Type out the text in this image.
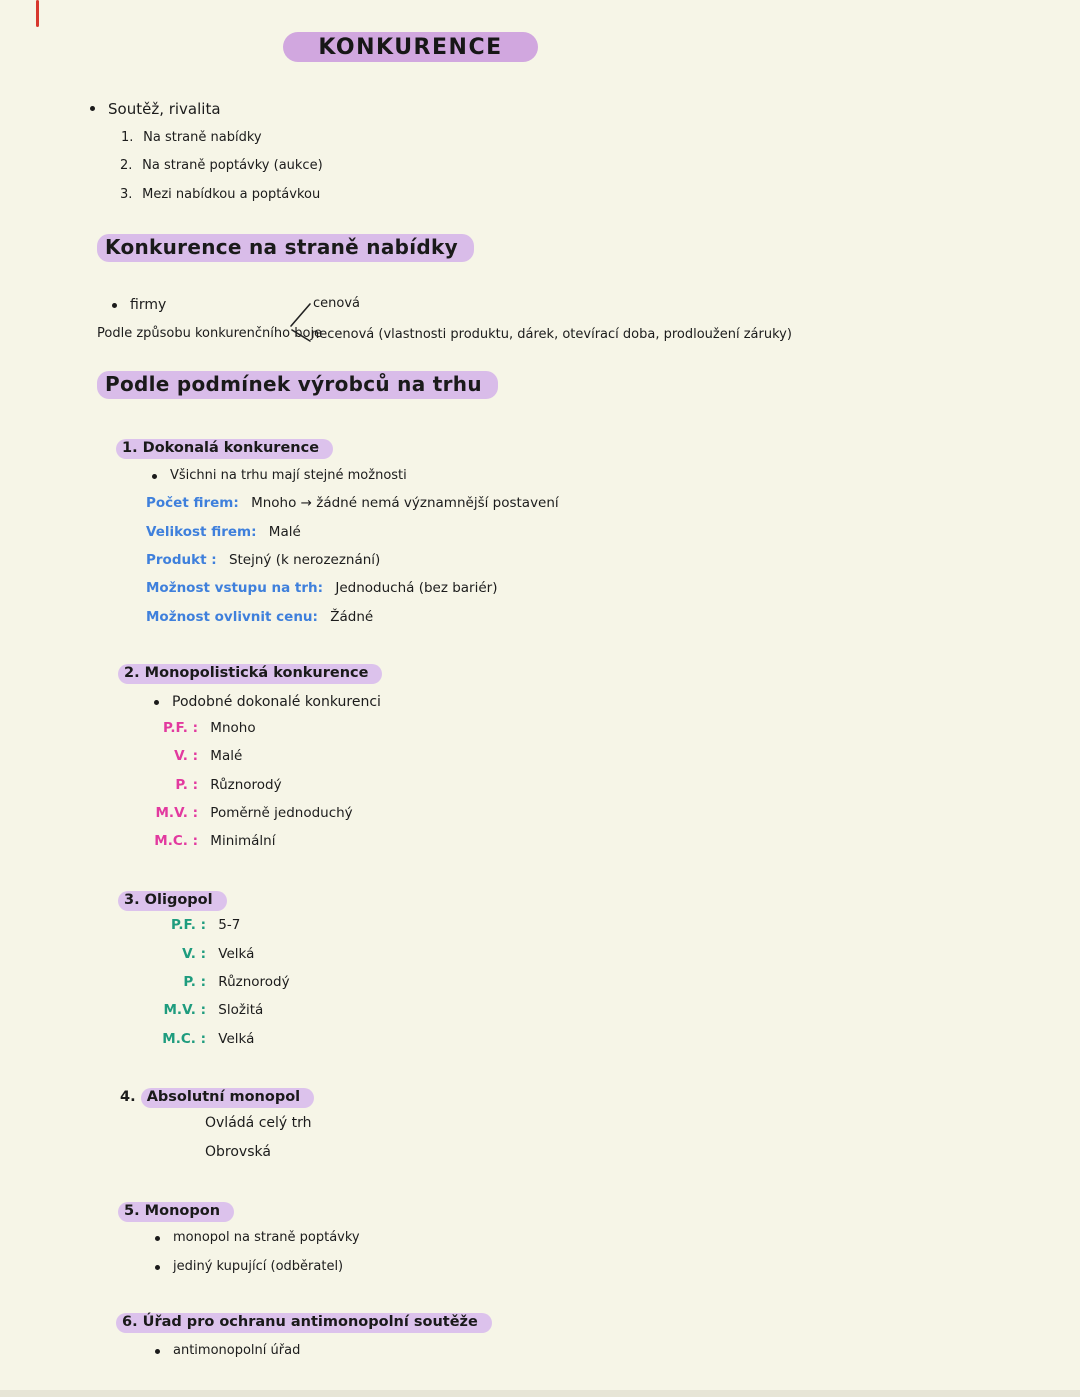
KONKURENCE
Soutěž, rivalita
1. Na straně nabídky
2. Na straně poptávky (aukce)
3. Mezi nabídkou a poptávkou
Konkurence na straně nabídky
firmy	cenová
Podle způsobu konkurenčního boje
necenová (vlastnosti produktu, dárek, otevírací doba, prodloužení záruky)
Podle podmínek výrobců na trhu
1. Dokonalá konkurence
Všichni na trhu mají stejné možnosti
Počet firem: Mnoho → žádné nemá významnější postavení
Velikost firem: Malé
Produkt : Stejný (k nerozeznání)
Možnost vstupu na trh: Jednoduchá (bez bariér)
Možnost ovlivnit cenu: Žádné
2. Monopolistická konkurence
Podobné dokonalé konkurenci
P.F. : Mnoho
V. : Malé
P. : Různorodý
M.V. : Poměrně jednoduchý
M.C. : Minimální
3. Oligopol
P.F. : 5-7
V. : Velká
P. : Různorodý
M.V. : Složitá
M.C. : Velká
4. Absolutní monopol
Ovládá celý trh
Obrovská
5. Monopon
monopol na straně poptávky
jediný kupující (odběratel)
6. Úřad pro ochranu antimonopolní soutěže
antimonopolní úřad
